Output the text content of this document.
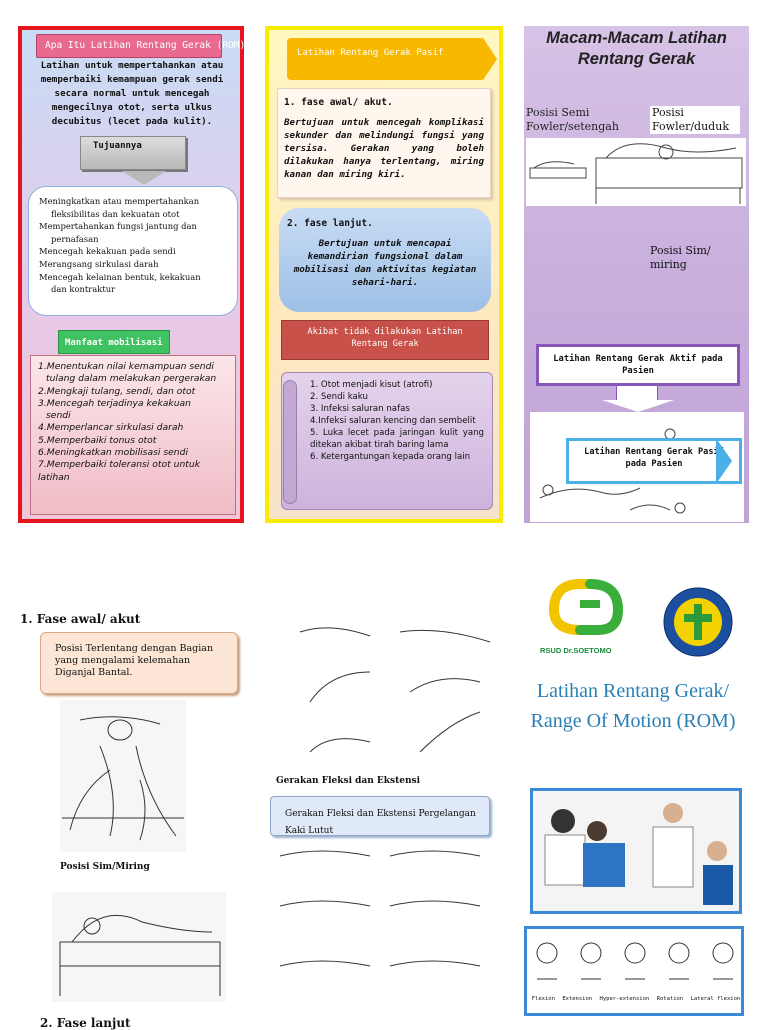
Apa Itu Latihan Rentang Gerak (ROM)
Latihan untuk mempertahankan atau memperbaiki kemampuan gerak sendi secara normal untuk mencegah mengecilnya otot, serta ulkus decubitus (lecet pada kulit).
Tujuannya
Meningkatkan atau mempertahankan
fleksibilitas dan kekuatan otot
Mempertahankan fungsi jantung dan
pernafasan
Mencegah kekakuan pada sendi
Merangsang sirkulasi darah
Mencegah kelainan bentuk, kekakuan
dan kontraktur
Manfaat mobilisasi
1.Menentukan nilai kemampuan sendi
tulang dalam melakukan pergerakan
2.Mengkaji tulang, sendi, dan otot
3.Mencegah terjadinya kekakuan
sendi
4.Memperlancar sirkulasi darah
5.Memperbaiki tonus otot
6.Meningkatkan mobilisasi sendi
7.Memperbaiki toleransi otot untuk
latihan
Latihan Rentang Gerak Pasif
1. fase awal/ akut.
Bertujuan untuk mencegah komplikasi sekunder dan melindungi fungsi yang tersisa. Gerakan yang boleh dilakukan hanya terlentang, miring kanan dan miring kiri.
2. fase lanjut.
Bertujuan untuk mencapai kemandirian fungsional dalam mobilisasi dan aktivitas kegiatan sehari-hari.
Akibat tidak dilakukan Latihan Rentang Gerak
1. Otot menjadi kisut (atrofi)
2. Sendi kaku
3. Infeksi saluran nafas
4.Infeksi saluran kencing dan sembelit
5. Luka lecet pada jaringan kulit yang ditekan akibat tirah baring lama
6. Ketergantungan kepada orang lain
Macam-Macam Latihan Rentang Gerak
Posisi Semi Fowler/setengah
Posisi Fowler/duduk
Posisi Sim/ miring
Latihan Rentang Gerak Aktif pada Pasien
Latihan Rentang Gerak Pasif pada Pasien
1. Fase awal/ akut
Posisi Terlentang dengan Bagian yang mengalami kelemahan Diganjal Bantal.
Posisi Sim/Miring
2. Fase lanjut
Gerakan Fleksi dan Ekstensi
Gerakan Fleksi dan Ekstensi Pergelangan Kaki Lutut
RSUD Dr.SOETOMO
Latihan Rentang Gerak/ Range Of Motion (ROM)
Flexion Extension Hyper-extension Rotation Lateral flexion
